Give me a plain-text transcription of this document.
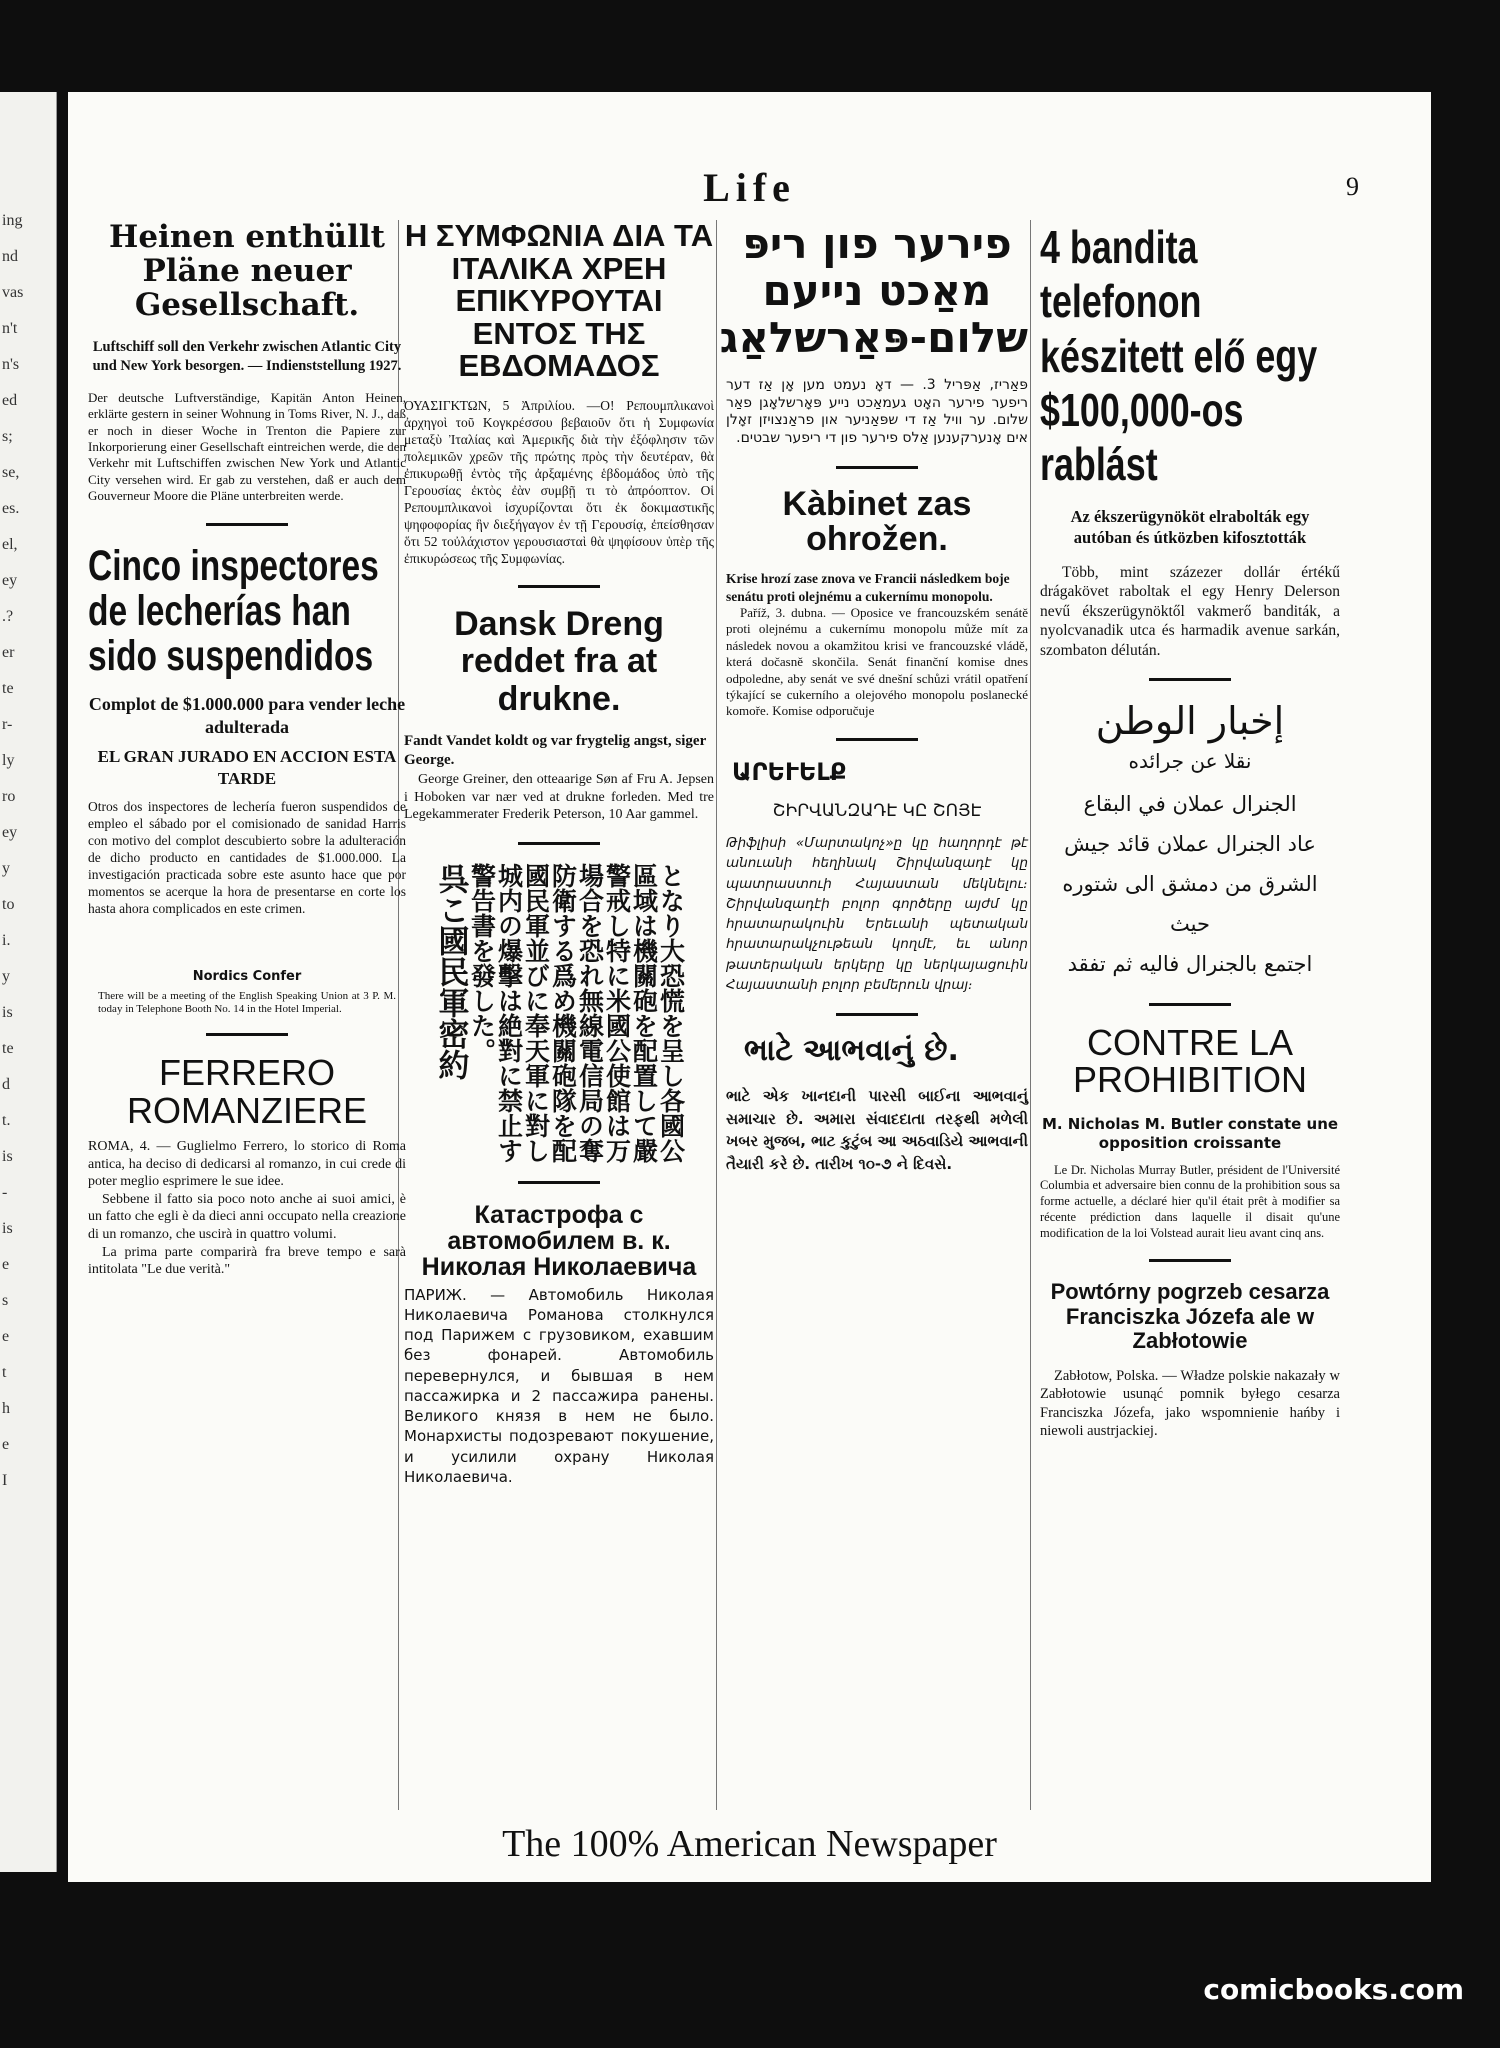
ing
nd
vas
n't
n's
ed
s;
se,
es.
el,
ey
.?
er
te
r-
ly
ro
ey
y
to
i.
y
is
te
d
t.
is
-
is
e
s
e
t
h
e
I
Life	9
Heinen enthüllt Pläne neuer Gesellschaft.
Luftschiff soll den Verkehr zwischen Atlantic City und New York besorgen. — Indienststellung 1927.
Der deutsche Luftverständige, Kapitän Anton Heinen, erklärte gestern in seiner Wohnung in Toms River, N. J., daß er noch in dieser Woche in Trenton die Papiere zur Inkorporierung einer Gesellschaft eintreichen werde, die den Verkehr mit Luftschiffen zwischen New York und Atlantic City versehen wird. Er gab zu verstehen, daß er auch dem Gouverneur Moore die Pläne unterbreiten werde.
Cinco inspectores de lecherías han sido suspendidos
Complot de $1.000.000 para vender leche adulterada
EL GRAN JURADO EN ACCION ESTA TARDE
Otros dos inspectores de lechería fueron suspendidos de empleo el sábado por el comisionado de sanidad Harris con motivo del complot descubierto sobre la adulteración de dicho producto en cantidades de $1.000.000. La investigación practicada sobre este asunto hace que por momentos se acerque la hora de presentarse en corte los hasta ahora complicados en este crimen.
Nordics Confer
There will be a meeting of the English Speaking Union at 3 P. M. today in Telephone Booth No. 14 in the Hotel Imperial.
FERRERO ROMANZIERE
ROMA, 4. — Guglielmo Ferrero, lo storico di Roma antica, ha deciso di dedicarsi al romanzo, in cui crede di poter meglio esprimere le sue idee.
Sebbene il fatto sia poco noto anche ai suoi amici, è un fatto che egli è da dieci anni occupato nella creazione di un romanzo, che uscirà in quattro volumi.
La prima parte comparirà fra breve tempo e sarà intitolata "Le due verità."
Η ΣΥΜΦΩΝΙΑ ΔΙΑ ΤΑ ΙΤΑΛΙΚΑ ΧΡΕΗ ΕΠΙΚΥΡΟΥΤΑΙ ΕΝΤΟΣ ΤΗΣ ΕΒΔΟΜΑΔΟΣ
ΟΥΑΣΙΓΚΤΩΝ, 5 Ἀπριλίου. —Ο! Ρεπουμπλικανοὶ ἀρχηγοὶ τοῦ Κογκρέσσου βεβαιοῦν ὅτι ἡ Συμφωνία μεταξὺ Ἰταλίας καὶ Ἀμερικῆς διὰ τὴν ἐξόφλησιν τῶν πολεμικῶν χρεῶν τῆς πρώτης πρὸς τὴν δευτέραν, θὰ ἐπικυρωθῇ ἐντὸς τῆς ἀρξαμένης ἑβδομάδος ὑπὸ τῆς Γερουσίας ἐκτὸς ἐὰν συμβῇ τι τὸ ἀπρόοπτον. Οἱ Ρεπουμπλικανοὶ ἰσχυρίζονται ὅτι ἐκ δοκιμαστικῆς ψηφοφορίας ἣν διεξήγαγον ἐν τῇ Γερουσίᾳ, ἐπείσθησαν ὅτι 52 τοὐλάχιστον γερουσιασταὶ θὰ ψηφίσουν ὑπὲρ τῆς ἐπικυρώσεως τῆς Συμφωνίας.
Dansk Dreng reddet fra at drukne.
Fandt Vandet koldt og var frygtelig angst, siger George.
George Greiner, den otteaarige Søn af Fru A. Jepsen i Hoboken var nær ved at drukne forleden. Med tre Legekammerater Frederik Peterson, 10 Aar gammel.
となり大恐慌を呈し各國公
區域は機關砲を配置して嚴
警戒し特に米國公使館は万
場合を恐れ無線電信局の奪
防衛する爲め機關砲隊を配
國民軍並びに奉天軍に對し
城内の爆擊は絶對に禁止す
警告書を發した。
呉こ國民軍密約
Катастрофа с автомобилем в. к. Николая Николаевича
ПАРИЖ. — Автомобиль Николая Николаевича Романова столкнулся под Парижем с грузовиком, ехавшим без фонарей. Автомобиль перевернулся, и бывшая в нем пассажирка и 2 пассажира ранены. Великого князя в нем не было. Монархисты подозревают покушение, и усилили охрану Николая Николаевича.
פירער פון ריפּ מאַכט נייעם שלום-פּאַרשלאַג
פּאַריז, אַפּריל 3. — דאָ נעמט מען אָן אַז דער ריפער פירער האָט געמאַכט נייע פּאָרשלאָגן פאַר שלום. ער וויל אַז די שפּאַניער און פראַנצויזן זאָלן אים אָנערקענען אַלס פירער פון די ריפער שבטים.
Kàbinet zas ohrožen.
Krise hrozí zase znova ve Francii následkem boje senátu proti olejnému a cukernímu monopolu.
Paříž, 3. dubna. — Oposice ve francouzském senátě proti olejnému a cukernímu monopolu může mít za následek novou a okamžitou krisi ve francouzské vládě, která dočasně skončila. Senát finanční komise dnes odpoledne, aby senát ve své dnešní schůzi vrátil opatření týkající se cukerního a olejového monopolu poslanecké komoře. Komise odporučuje
ԱՐԵՒԵԼՔ
ՇԻՐՎԱՆԶԱԴԷ ԿԸ ՇՈՅԷ
Թիֆլիսի «Մարտակոչ»ը կը հաղորդէ թէ անուանի հեղինակ Շիրվանզադէ կը պատրաստուի Հայաստան մեկնելու։ Շիրվանզադէի բոլոր գործերը այժմ կը հրատարակուին Երեւանի պետական հրատարակչութեան կողմէ, եւ անոր թատերական երկերը կը ներկայացուին Հայաստանի բոլոր բեմերուն վրայ։
ભાટે આભવાનું છે.
ભાટે એક ખાનદાની પારસી બાઈના આભવાનું સમાચાર છે. અમારા સંવાદદાતા તરફથી મળેલી ખબર મુજબ, ભાટ કુટુંબ આ અઠવાડિયે આભવાની તૈયારી કરે છે. તારીખ ૧૦-૭ ને દિવસે.
4 bandita telefonon készitett elő egy $100,000-os rablást
Az ékszerügynököt elrabolták egy autóban és útközben kifosztották
Több, mint százezer dollár értékű drágakövet raboltak el egy Henry Delerson nevű ékszerügynöktől vakmerő banditák, a nyolcvanadik utca és harmadik avenue sarkán, szombaton délután.
إخبار الوطن
نقلا عن جرائده
الجنرال عملان في البقاع
عاد الجنرال عملان قائد جيش
الشرق من دمشق الى شتوره حيث
اجتمع بالجنرال فاليه ثم تفقد
CONTRE LA PROHIBITION
M. Nicholas M. Butler constate une opposition croissante
Le Dr. Nicholas Murray Butler, président de l'Université Columbia et adversaire bien connu de la prohibition sous sa forme actuelle, a déclaré hier qu'il était prêt à modifier sa récente prédiction dans laquelle il disait qu'une modification de la loi Volstead aurait lieu avant cinq ans.
Powtórny pogrzeb cesarza Franciszka Józefa ale w Zabłotowie
Zabłotow, Polska. — Władze polskie nakazały w Zabłotowie usunąć pomnik byłego cesarza Franciszka Józefa, jako wspomnienie hańby i niewoli austrjackiej.
The 100% American Newspaper
comicbooks.com
